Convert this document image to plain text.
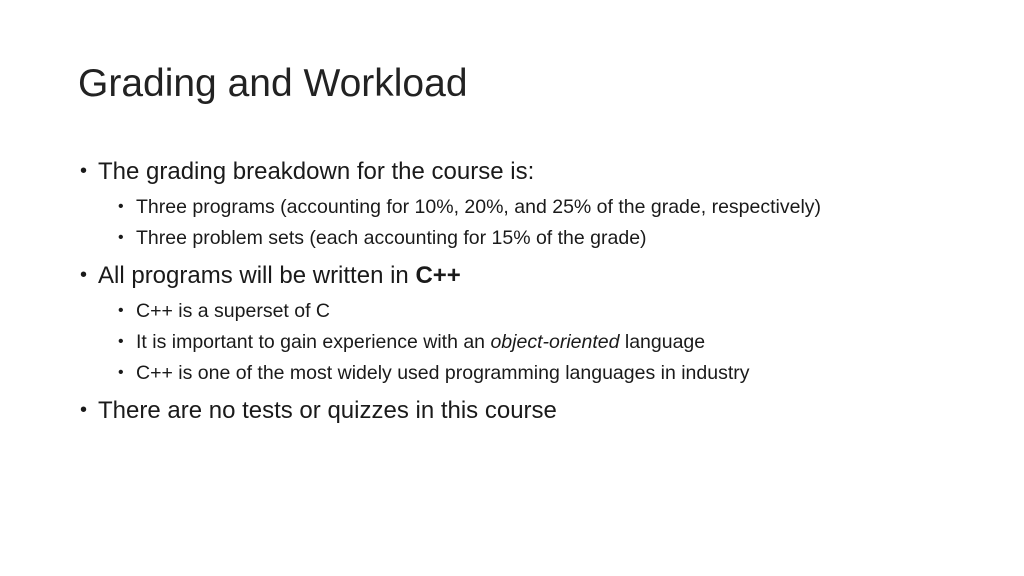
Grading and Workload
• The grading breakdown for the course is:
• Three programs (accounting for 10%, 20%, and 25% of the grade, respectively)
• Three problem sets (each accounting for 15% of the grade)
• All programs will be written in C++
• C++ is a superset of C
• It is important to gain experience with an object-oriented language
• C++ is one of the most widely used programming languages in industry
• There are no tests or quizzes in this course
